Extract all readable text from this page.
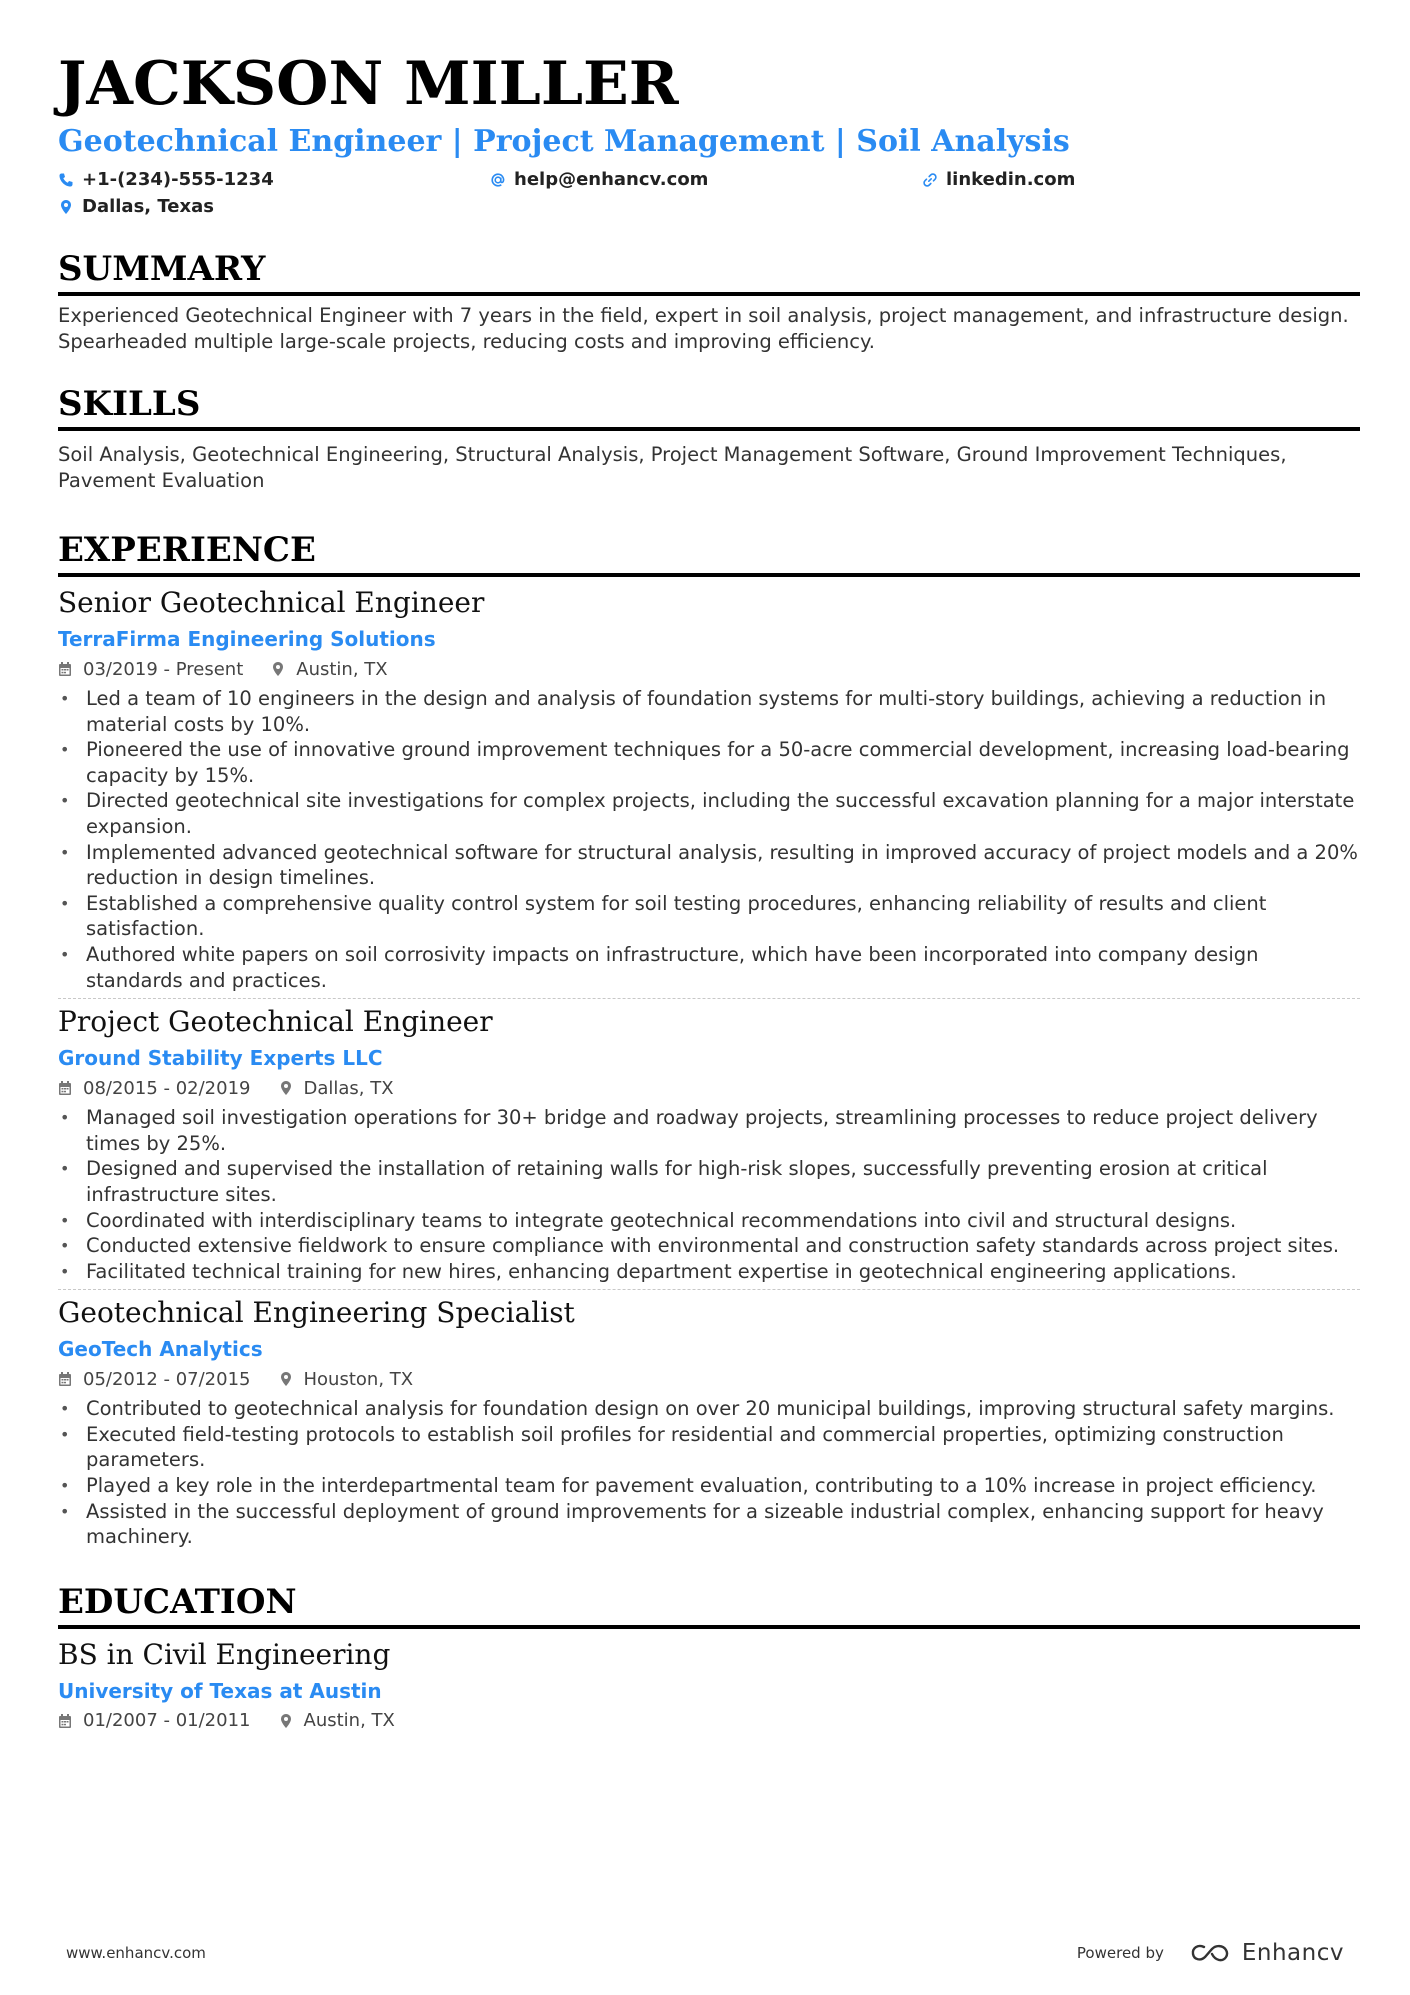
JACKSON MILLER
Geotechnical Engineer | Project Management | Soil Analysis
+1-(234)-555-1234	help@enhancv.com	linkedin.com
Dallas, Texas
SUMMARY
Experienced Geotechnical Engineer with 7 years in the field, expert in soil analysis, project management, and infrastructure design. Spearheaded multiple large-scale projects, reducing costs and improving efficiency.
SKILLS
Soil Analysis, Geotechnical Engineering, Structural Analysis, Project Management Software, Ground Improvement Techniques, Pavement Evaluation
EXPERIENCE
Senior Geotechnical Engineer
TerraFirma Engineering Solutions
03/2019 - Present	Austin, TX
• Led a team of 10 engineers in the design and analysis of foundation systems for multi-story buildings, achieving a reduction in material costs by 10%.
• Pioneered the use of innovative ground improvement techniques for a 50-acre commercial development, increasing load-bearing capacity by 15%.
• Directed geotechnical site investigations for complex projects, including the successful excavation planning for a major interstate expansion.
• Implemented advanced geotechnical software for structural analysis, resulting in improved accuracy of project models and a 20% reduction in design timelines.
• Established a comprehensive quality control system for soil testing procedures, enhancing reliability of results and client satisfaction.
• Authored white papers on soil corrosivity impacts on infrastructure, which have been incorporated into company design standards and practices.
Project Geotechnical Engineer
Ground Stability Experts LLC
08/2015 - 02/2019	Dallas, TX
• Managed soil investigation operations for 30+ bridge and roadway projects, streamlining processes to reduce project delivery times by 25%.
• Designed and supervised the installation of retaining walls for high-risk slopes, successfully preventing erosion at critical infrastructure sites.
• Coordinated with interdisciplinary teams to integrate geotechnical recommendations into civil and structural designs.
• Conducted extensive fieldwork to ensure compliance with environmental and construction safety standards across project sites.
• Facilitated technical training for new hires, enhancing department expertise in geotechnical engineering applications.
Geotechnical Engineering Specialist
GeoTech Analytics
05/2012 - 07/2015	Houston, TX
• Contributed to geotechnical analysis for foundation design on over 20 municipal buildings, improving structural safety margins.
• Executed field-testing protocols to establish soil profiles for residential and commercial properties, optimizing construction parameters.
• Played a key role in the interdepartmental team for pavement evaluation, contributing to a 10% increase in project efficiency.
• Assisted in the successful deployment of ground improvements for a sizeable industrial complex, enhancing support for heavy machinery.
EDUCATION
BS in Civil Engineering
University of Texas at Austin
01/2007 - 01/2011	Austin, TX
www.enhancv.com	Powered by	Enhancv
